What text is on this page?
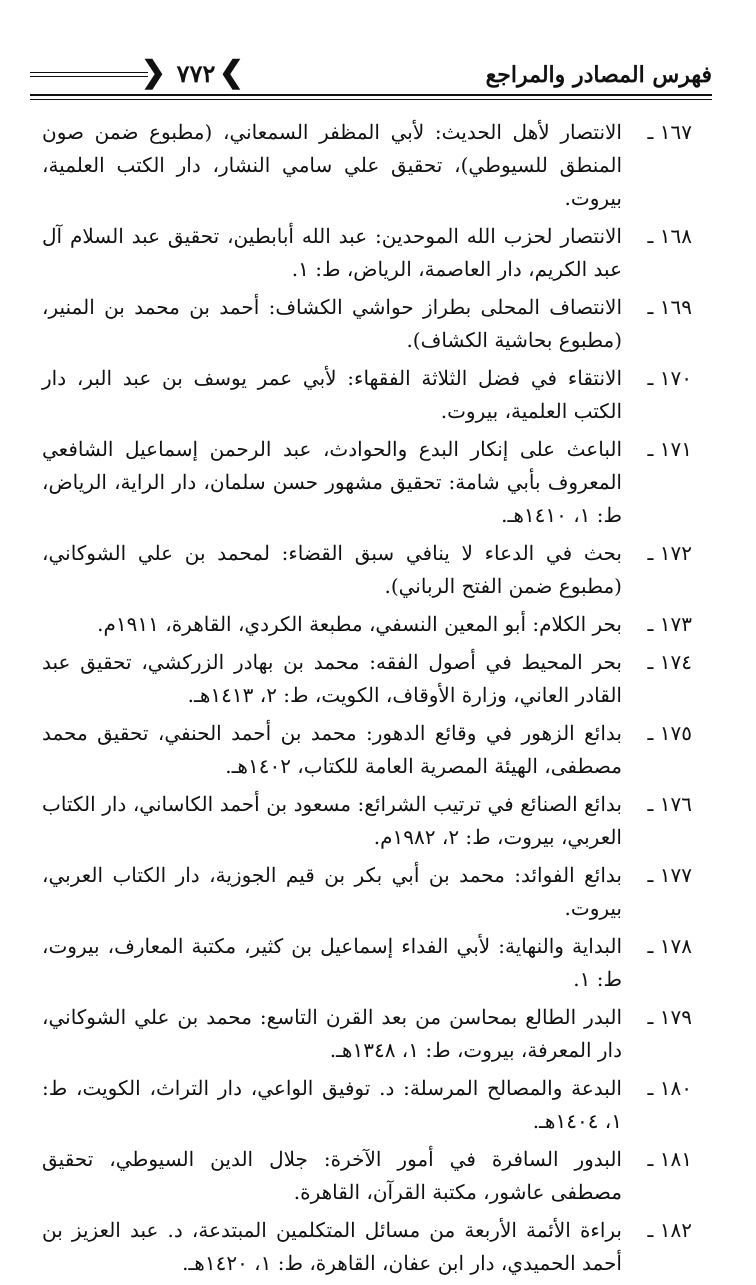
فهرس المصادر والمراجع
❮ ٧٧٢ ❯
١٦٧ ـ
الانتصار لأهل الحديث: لأبي المظفر السمعاني، (مطبوع ضمن صون المنطق للسيوطي)، تحقيق علي سامي النشار، دار الكتب العلمية، بيروت.
١٦٨ ـ
الانتصار لحزب الله الموحدين: عبد الله أبابطين، تحقيق عبد السلام آل عبد الكريم، دار العاصمة، الرياض، ط: ١.
١٦٩ ـ
الانتصاف المحلى بطراز حواشي الكشاف: أحمد بن محمد بن المنير، (مطبوع بحاشية الكشاف).
١٧٠ ـ
الانتقاء في فضل الثلاثة الفقهاء: لأبي عمر يوسف بن عبد البر، دار الكتب العلمية، بيروت.
١٧١ ـ
الباعث على إنكار البدع والحوادث، عبد الرحمن إسماعيل الشافعي المعروف بأبي شامة: تحقيق مشهور حسن سلمان، دار الراية، الرياض، ط: ١، ١٤١٠هـ.
١٧٢ ـ
بحث في الدعاء لا ينافي سبق القضاء: لمحمد بن علي الشوكاني، (مطبوع ضمن الفتح الرباني).
١٧٣ ـ
بحر الكلام: أبو المعين النسفي، مطبعة الكردي، القاهرة، ١٩١١م.
١٧٤ ـ
بحر المحيط في أصول الفقه: محمد بن بهادر الزركشي، تحقيق عبد القادر العاني، وزارة الأوقاف، الكويت، ط: ٢، ١٤١٣هـ.
١٧٥ ـ
بدائع الزهور في وقائع الدهور: محمد بن أحمد الحنفي، تحقيق محمد مصطفى، الهيئة المصرية العامة للكتاب، ١٤٠٢هـ.
١٧٦ ـ
بدائع الصنائع في ترتيب الشرائع: مسعود بن أحمد الكاساني، دار الكتاب العربي، بيروت، ط: ٢، ١٩٨٢م.
١٧٧ ـ
بدائع الفوائد: محمد بن أبي بكر بن قيم الجوزية، دار الكتاب العربي، بيروت.
١٧٨ ـ
البداية والنهاية: لأبي الفداء إسماعيل بن كثير، مكتبة المعارف، بيروت، ط: ١.
١٧٩ ـ
البدر الطالع بمحاسن من بعد القرن التاسع: محمد بن علي الشوكاني، دار المعرفة، بيروت، ط: ١، ١٣٤٨هـ.
١٨٠ ـ
البدعة والمصالح المرسلة: د. توفيق الواعي، دار التراث، الكويت، ط: ١، ١٤٠٤هـ.
١٨١ ـ
البدور السافرة في أمور الآخرة: جلال الدين السيوطي، تحقيق مصطفى عاشور، مكتبة القرآن، القاهرة.
١٨٢ ـ
براءة الأئمة الأربعة من مسائل المتكلمين المبتدعة، د. عبد العزيز بن أحمد الحميدي، دار ابن عفان، القاهرة، ط: ١، ١٤٢٠هـ.
